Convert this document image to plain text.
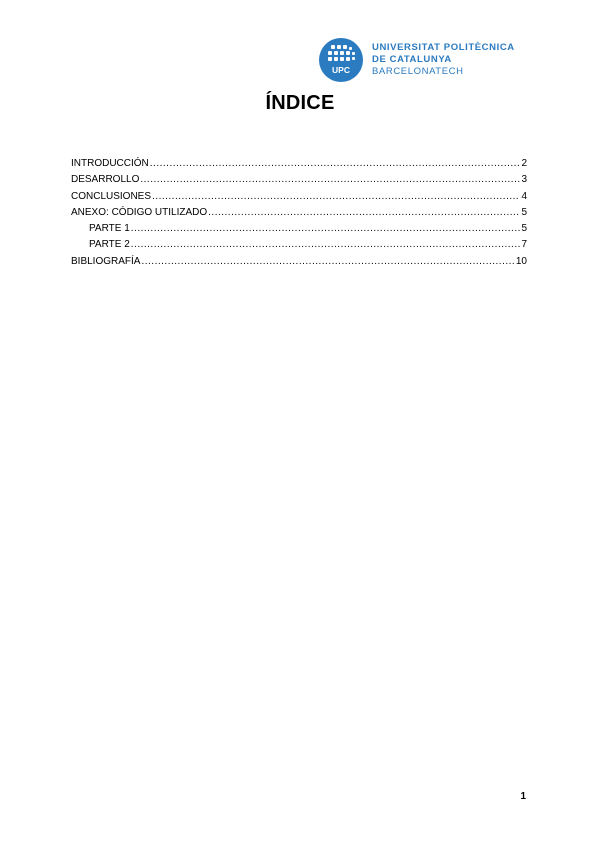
UPC
UNIVERSITAT POLITÈCNICA
DE CATALUNYA
BARCELONATECH
ÍNDICE
INTRODUCCIÓN .....	2
DESARROLLO .....	3
CONCLUSIONES .....	4
ANEXO: CÓDIGO UTILIZADO .....	5
PARTE 1 .....	5
PARTE 2 .....	7
BIBLIOGRAFÍA .....	10
1
